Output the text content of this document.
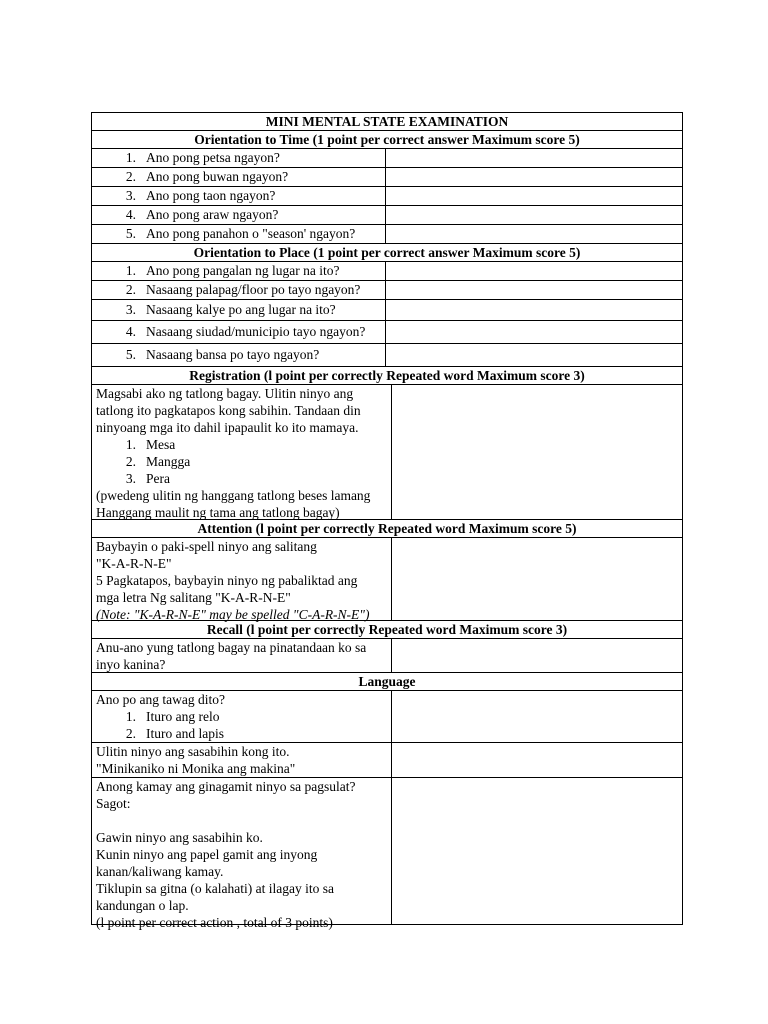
MINI MENTAL STATE EXAMINATION
Orientation to Time (1 point per correct answer Maximum score 5)
1. Ano pong petsa ngayon?
2. Ano pong buwan ngayon?
3. Ano pong taon ngayon?
4. Ano pong araw ngayon?
5. Ano pong panahon o "season' ngayon?
Orientation to Place (1 point per correct answer Maximum score 5)
1. Ano pong pangalan ng lugar na ito?
2. Nasaang palapag/floor po tayo ngayon?
3. Nasaang kalye po ang lugar na ito?
4. Nasaang siudad/municipio tayo ngayon?
5. Nasaang bansa po tayo ngayon?
Registration (l point per correctly Repeated word Maximum score 3)
Magsabi ako ng tatlong bagay. Ulitin ninyo ang
tatlong ito pagkatapos kong sabihin. Tandaan din
ninyoang mga ito dahil ipapaulit ko ito mamaya.
1. Mesa
2. Mangga
3. Pera
(pwedeng ulitin ng hanggang tatlong beses lamang
Hanggang maulit ng tama ang tatlong bagay)
Attention (l point per correctly Repeated word Maximum score 5)
Baybayin o paki-spell ninyo ang salitang
"K-A-R-N-E"
5 Pagkatapos, baybayin ninyo ng pabaliktad ang
mga letra Ng salitang "K-A-R-N-E"
(Note: "K-A-R-N-E" may be spelled "C-A-R-N-E")
Recall (l point per correctly Repeated word Maximum score 3)
Anu-ano yung tatlong bagay na pinatandaan ko sa
inyo kanina?
Language
Ano po ang tawag dito?
1. Ituro ang relo
2. Ituro and lapis
Ulitin ninyo ang sasabihin kong ito.
"Minikaniko ni Monika ang makina"
Anong kamay ang ginagamit ninyo sa pagsulat?
Sagot:
Gawin ninyo ang sasabihin ko.
Kunin ninyo ang papel gamit ang inyong
kanan/kaliwang kamay.
Tiklupin sa gitna (o kalahati) at ilagay ito sa
kandungan o lap.
(l point per correct action , total of 3 points)
